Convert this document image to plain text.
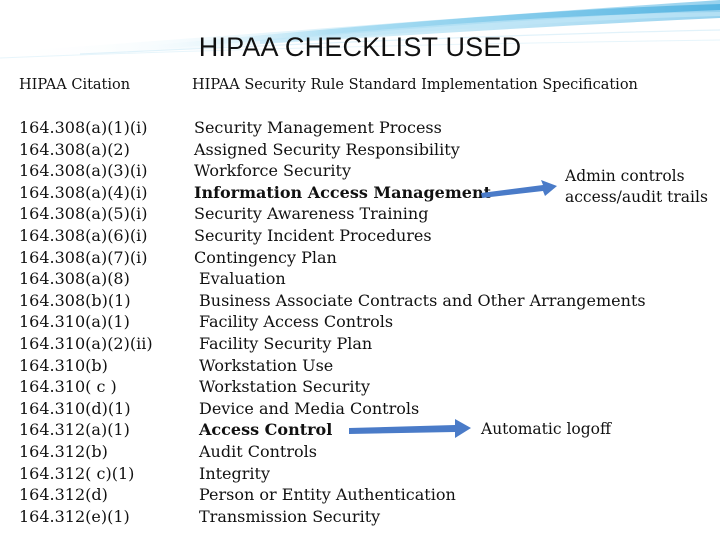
HIPAA CHECKLIST USED
HIPAA Citation	HIPAA Security Rule Standard Implementation Specification
164.308(a)(1)(i)
164.308(a)(2)
164.308(a)(3)(i)
164.308(a)(4)(i)
164.308(a)(5)(i)
164.308(a)(6)(i)
164.308(a)(7)(i)
164.308(a)(8)
164.308(b)(1)
164.310(a)(1)
164.310(a)(2)(ii)
164.310(b)
164.310( c )
164.310(d)(1)
164.312(a)(1)
164.312(b)
164.312( c)(1)
164.312(d)
164.312(e)(1)
Security Management Process
Assigned Security Responsibility
Workforce Security
Information Access Management
Security Awareness Training
Security Incident Procedures
Contingency Plan
Evaluation
Business Associate Contracts and Other Arrangements
Facility Access Controls
Facility Security Plan
Workstation Use
Workstation Security
Device and Media Controls
Access Control
Audit Controls
Integrity
Person or Entity Authentication
Transmission Security
Admin controls
access/audit trails
Automatic logoff
